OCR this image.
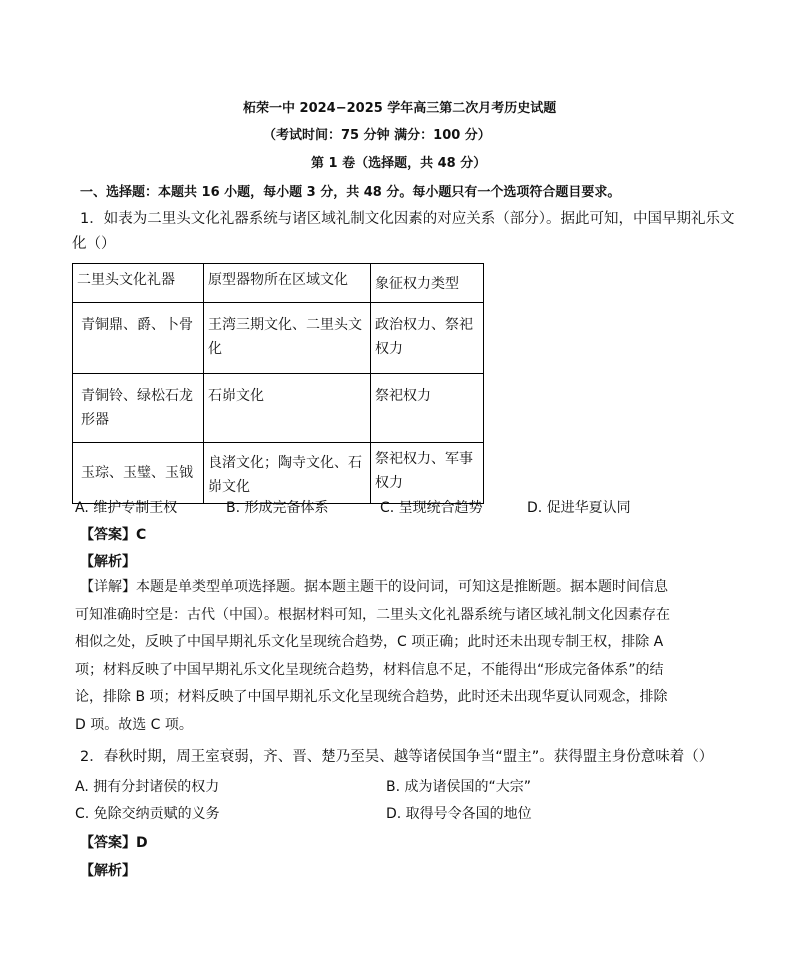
柘荣一中 2024−2025 学年高三第二次月考历史试题
（考试时间：75 分钟 满分：100 分）
第 1 卷（选择题，共 48 分）
一、选择题：本题共 16 小题，每小题 3 分，共 48 分。每小题只有一个选项符合题目要求。
1．如表为二里头文化礼器系统与诸区域礼制文化因素的对应关系（部分）。据此可知，中国早期礼乐文
化（）
二里头文化礼器	原型器物所在区域文化	象征权力类型
青铜鼎、爵、卜骨	王湾三期文化、二里头文化	政治权力、祭祀权力
青铜铃、绿松石龙形器	石峁文化	祭祀权力
玉琮、玉璧、玉钺	良渚文化；陶寺文化、石峁文化	祭祀权力、军事权力
A. 维护专制王权	B. 形成完备体系	C. 呈现统合趋势	D. 促进华夏认同
【答案】C
【解析】
【详解】本题是单类型单项选择题。据本题主题干的设问词，可知这是推断题。据本题时间信息可知准确时空是：古代（中国）。根据材料可知，二里头文化礼器系统与诸区域礼制文化因素存在相似之处，反映了中国早期礼乐文化呈现统合趋势，C 项正确；此时还未出现专制王权，排除 A 项；材料反映了中国早期礼乐文化呈现统合趋势，材料信息不足，不能得出“形成完备体系”的结论，排除 B 项；材料反映了中国早期礼乐文化呈现统合趋势，此时还未出现华夏认同观念，排除 D 项。故选 C 项。
2．春秋时期，周王室衰弱，齐、晋、楚乃至吴、越等诸侯国争当“盟主”。获得盟主身份意味着（）
A. 拥有分封诸侯的权力	B. 成为诸侯国的“大宗”
C. 免除交纳贡赋的义务	D. 取得号令各国的地位
【答案】D
【解析】
